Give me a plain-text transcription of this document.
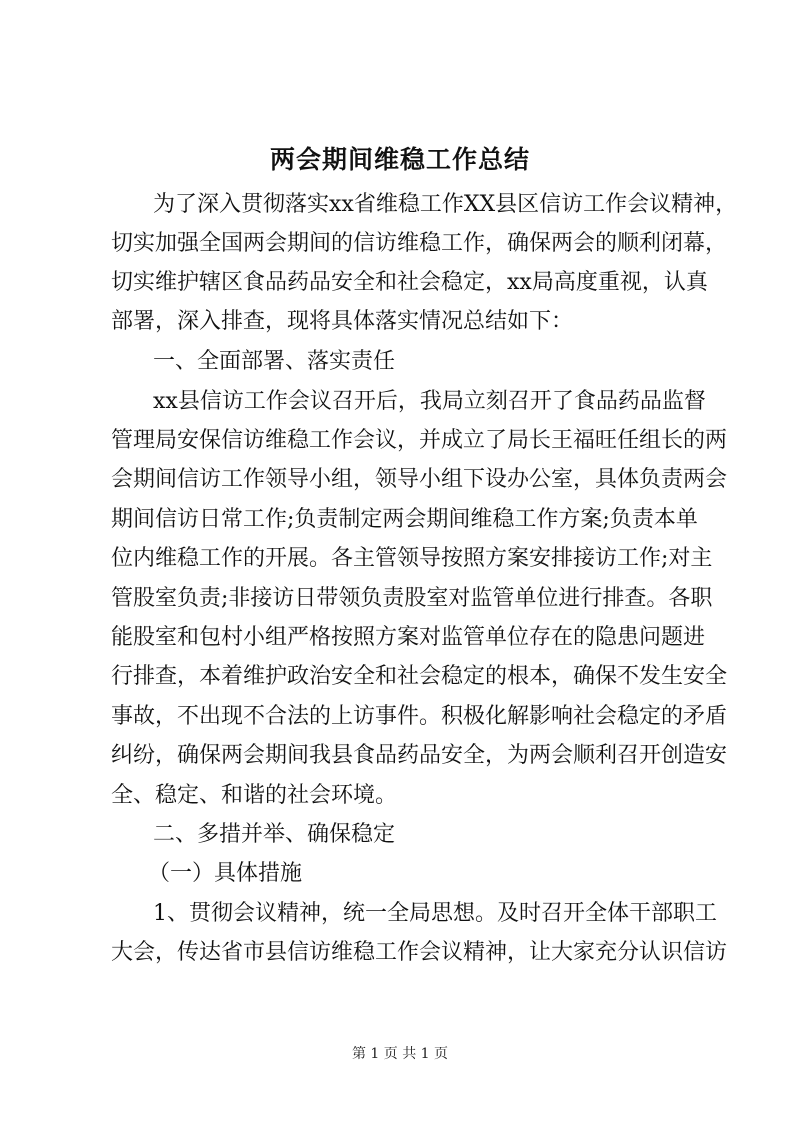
两会期间维稳工作总结
为了深入贯彻落实xx省维稳工作XX县区信访工作会议精神，
切实加强全国两会期间的信访维稳工作，确保两会的顺利闭幕，
切实维护辖区食品药品安全和社会稳定，xx局高度重视，认真
部署，深入排查，现将具体落实情况总结如下：
一、全面部署、落实责任
xx县信访工作会议召开后，我局立刻召开了食品药品监督
管理局安保信访维稳工作会议，并成立了局长王福旺任组长的两
会期间信访工作领导小组，领导小组下设办公室，具体负责两会
期间信访日常工作;负责制定两会期间维稳工作方案;负责本单
位内维稳工作的开展。各主管领导按照方案安排接访工作;对主
管股室负责;非接访日带领负责股室对监管单位进行排查。各职
能股室和包村小组严格按照方案对监管单位存在的隐患问题进
行排查，本着维护政治安全和社会稳定的根本，确保不发生安全
事故，不出现不合法的上访事件。积极化解影响社会稳定的矛盾
纠纷，确保两会期间我县食品药品安全，为两会顺利召开创造安
全、稳定、和谐的社会环境。
二、多措并举、确保稳定
（一）具体措施
1、贯彻会议精神，统一全局思想。及时召开全体干部职工
大会，传达省市县信访维稳工作会议精神，让大家充分认识信访
第 1 页 共 1 页
